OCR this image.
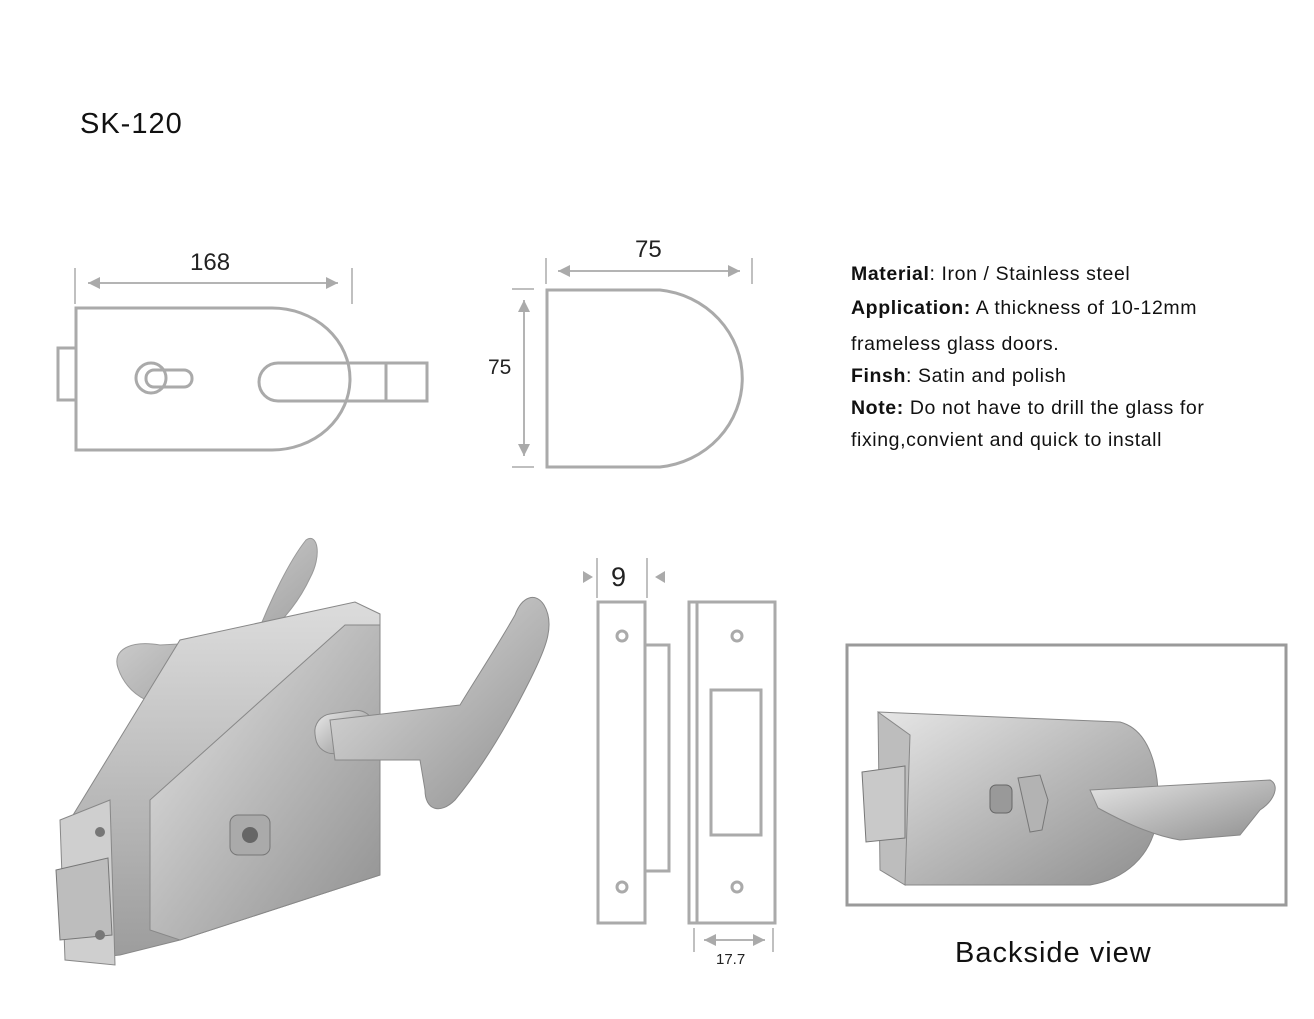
SK-120
168	75
75
9
17.7
Material: Iron / Stainless steel
Application: A thickness of 10-12mm
frameless glass doors.
Finsh: Satin and polish
Note: Do not have to drill the glass for
fixing,convient and quick to install
Backside view
